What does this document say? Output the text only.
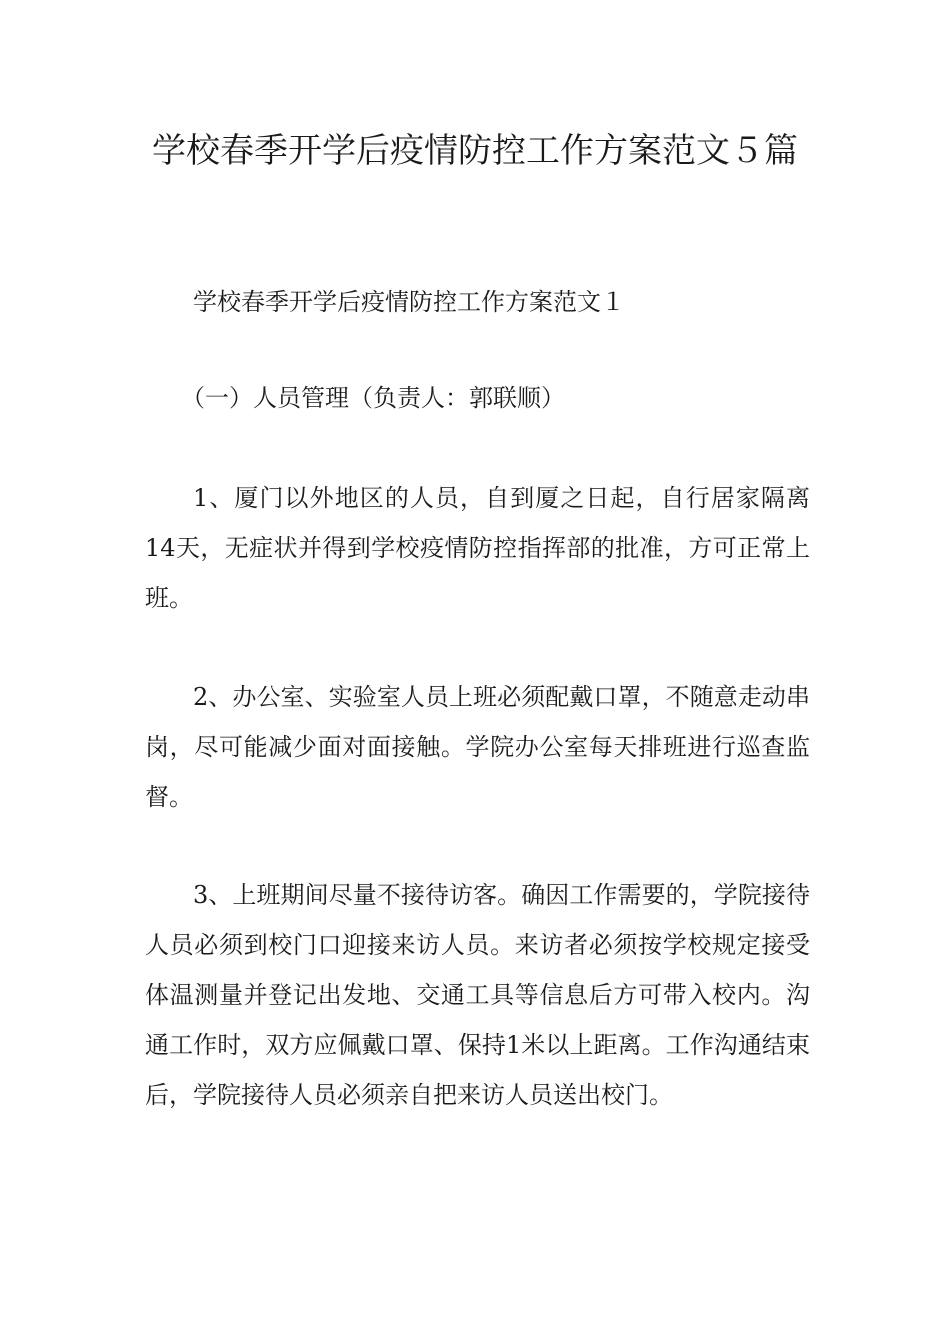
学校春季开学后疫情防控工作方案范文５篇

学校春季开学后疫情防控工作方案范文１

（一）人员管理（负责人：郭联顺）

1、厦门以外地区的人员，自到厦之日起，自行居家隔离14天，无症状并得到学校疫情防控指挥部的批准，方可正常上班。

2、办公室、实验室人员上班必须配戴口罩，不随意走动串岗，尽可能减少面对面接触。学院办公室每天排班进行巡查监督。

3、上班期间尽量不接待访客。确因工作需要的，学院接待人员必须到校门口迎接来访人员。来访者必须按学校规定接受体温测量并登记出发地、交通工具等信息后方可带入校内。沟通工作时，双方应佩戴口罩、保持1米以上距离。工作沟通结束后，学院接待人员必须亲自把来访人员送出校门。
